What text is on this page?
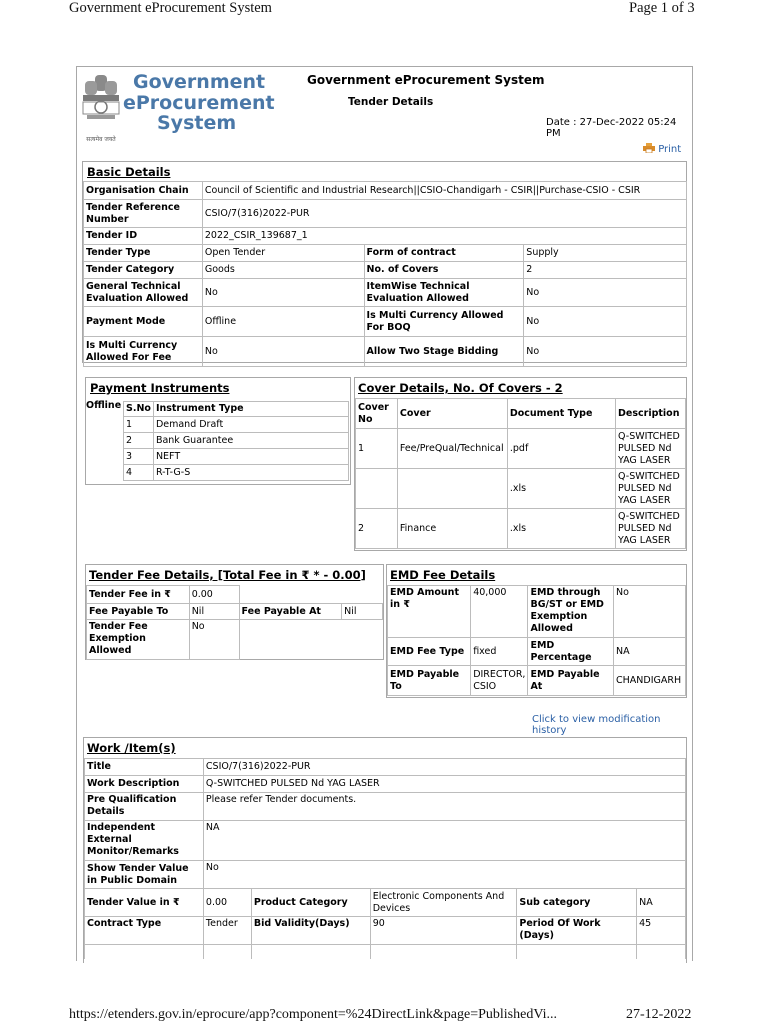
Government eProcurement System	Page 1 of 3
सत्यमेव जयते
Government
eProcurement
System
Government eProcurement System
Tender Details
Date : 27-Dec-2022 05:24 PM
Print
Basic Details
Organisation Chain	Council of Scientific and Industrial Research||CSIO-Chandigarh - CSIR||Purchase-CSIO - CSIR		
Tender Reference Number	CSIO/7(316)2022-PUR		
Tender ID	2022_CSIR_139687_1		
Tender Type	Open Tender	Form of contract	Supply
Tender Category	Goods	No. of Covers	2
General Technical Evaluation Allowed	No	ItemWise Technical Evaluation Allowed	No
Payment Mode	Offline	Is Multi Currency Allowed For BOQ	No
Is Multi Currency Allowed For Fee	No	Allow Two Stage Bidding	No
Payment Instruments
Offline S.No	Instrument Type
1	Demand Draft
2	Bank Guarantee
3	NEFT
4	R-T-G-S
Cover Details, No. Of Covers - 2
Cover No	Cover	Document Type	Description
1	Fee/PreQual/Technical	.pdf	Q-SWITCHED PULSED Nd YAG LASER
		.xls	Q-SWITCHED PULSED Nd YAG LASER
2	Finance	.xls	Q-SWITCHED PULSED Nd YAG LASER
Tender Fee Details, [Total Fee in ₹ * - 0.00]
Tender Fee in ₹	0.00		
Fee Payable To	Nil	Fee Payable At	Nil
Tender Fee Exemption Allowed	No		
EMD Fee Details
EMD Amount in ₹	40,000	EMD through BG/ST or EMD Exemption Allowed	No
EMD Fee Type	fixed	EMD Percentage	NA
EMD Payable To	DIRECTOR, CSIO	EMD Payable At	CHANDIGARH
Click to view modification history
Work /Item(s)
Title	CSIO/7(316)2022-PUR				
Work Description	Q-SWITCHED PULSED Nd YAG LASER				
Pre Qualification Details	Please refer Tender documents.				
Independent External Monitor/Remarks	NA				
Show Tender Value in Public Domain	No				
Tender Value in ₹	0.00	Product Category	Electronic Components And Devices	Sub category	NA
Contract Type	Tender	Bid Validity(Days)	90	Period Of Work (Days)	45

https://etenders.gov.in/eprocure/app?component=%24DirectLink&page=PublishedVi...	27-12-2022
